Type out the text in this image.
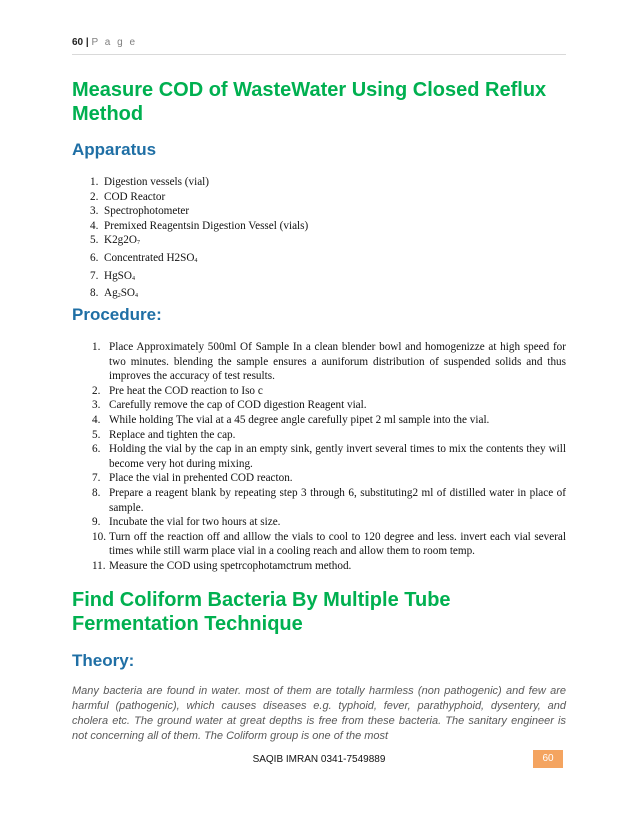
60 | P a g e
Measure COD of WasteWater Using Closed Reflux Method
Apparatus
1. Digestion vessels (vial)
2. COD Reactor
3. Spectrophotometer
4. Premixed Reagentsin Digestion Vessel (vials)
5. $K2g2O_7$
6. Concentrated $H2SO_4$
7. HgSO$_4$
8. $Ag_2SO_4$
Procedure:
1. Place Approximately 500ml Of Sample In a clean blender bowl and homogenizze at high speed for two minutes. blending the sample ensures a auniforum distribution of suspended solids and thus improves the accuracy of test results.
2. Pre heat the COD reaction to Iso c
3. Carefully remove the cap of COD digestion Reagent vial.
4. While holding The vial at a 45 degree angle carefully pipet 2 ml sample into the vial.
5. Replace and tighten the cap.
6. Holding the vial by the cap in an empty sink, gently invert several times to mix the contents they will become very hot during mixing.
7. Place the vial in prehented COD reacton.
8. Prepare a reagent blank by repeating step 3 through 6, substituting2 ml of distilled water in place of sample.
9. Incubate the vial for two hours at size.
10. Turn off the reaction off and alllow the vials to cool to 120 degree and less. invert each vial several times while still warm place vial in a cooling reach and allow them to room temp.
11. Measure the COD using spetrcophotamctrum method.
Find Coliform Bacteria By Multiple Tube Fermentation Technique
Theory:

Many bacteria are found in water. most of them are totally harmless (non pathogenic) and few are harmful (pathogenic), which causes diseases e.g. typhoid, fever, parathyphoid, dysentery, and cholera etc. The ground water at great depths is free from these bacteria. The sanitary engineer is not concerning all of them. The Coliform group is one of the most

SAQIB IMRAN 0341-7549889	60
